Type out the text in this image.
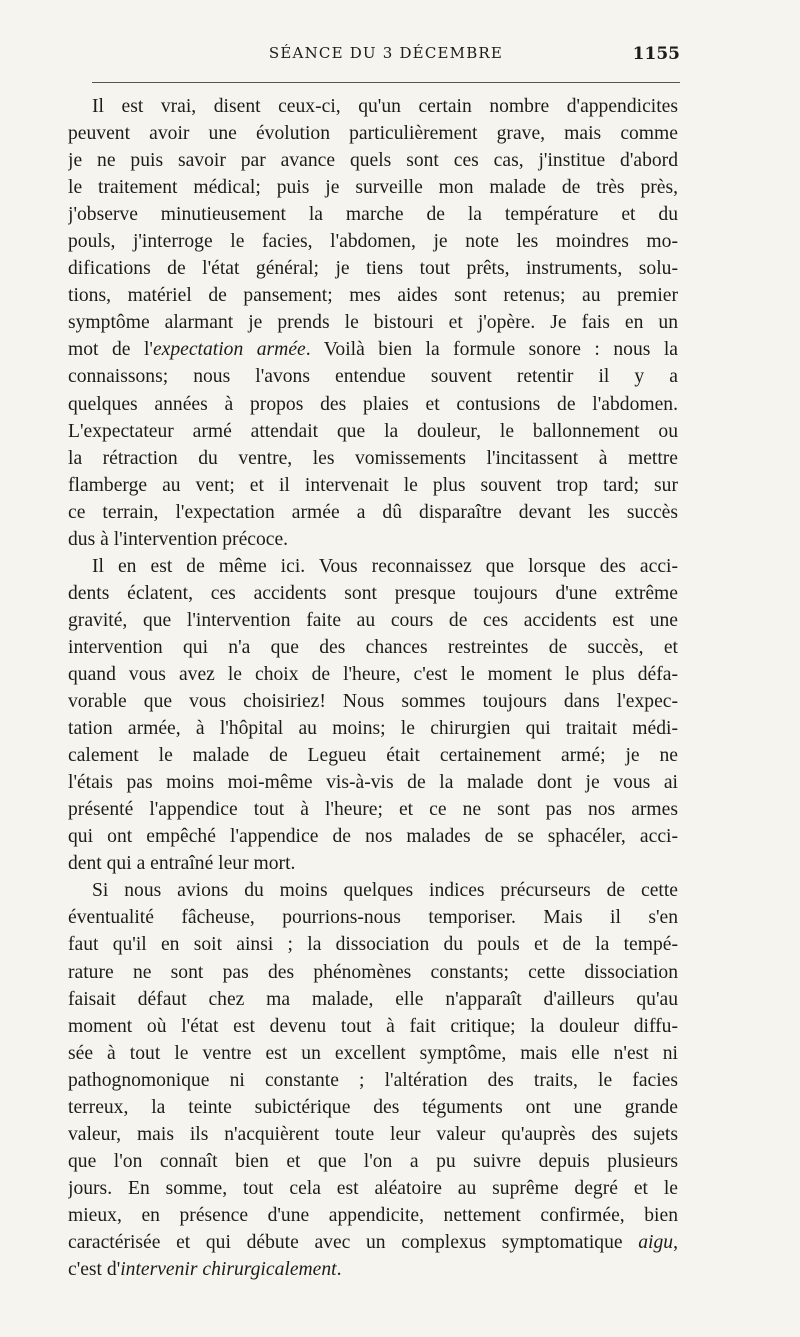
SÉANCE DU 3 DÉCEMBRE	1155
Il est vrai, disent ceux-ci, qu'un certain nombre d'appendicites
peuvent avoir une évolution particulièrement grave, mais comme
je ne puis savoir par avance quels sont ces cas, j'institue d'abord
le traitement médical; puis je surveille mon malade de très près,
j'observe minutieusement la marche de la température et du
pouls, j'interroge le facies, l'abdomen, je note les moindres mo-
difications de l'état général; je tiens tout prêts, instruments, solu-
tions, matériel de pansement; mes aides sont retenus; au premier
symptôme alarmant je prends le bistouri et j'opère. Je fais en un
mot de l'expectation armée. Voilà bien la formule sonore : nous la
connaissons; nous l'avons entendue souvent retentir il y a
quelques années à propos des plaies et contusions de l'abdomen.
L'expectateur armé attendait que la douleur, le ballonnement ou
la rétraction du ventre, les vomissements l'incitassent à mettre
flamberge au vent; et il intervenait le plus souvent trop tard; sur
ce terrain, l'expectation armée a dû disparaître devant les succès
dus à l'intervention précoce.
Il en est de même ici. Vous reconnaissez que lorsque des acci-
dents éclatent, ces accidents sont presque toujours d'une extrême
gravité, que l'intervention faite au cours de ces accidents est une
intervention qui n'a que des chances restreintes de succès, et
quand vous avez le choix de l'heure, c'est le moment le plus défa-
vorable que vous choisiriez! Nous sommes toujours dans l'expec-
tation armée, à l'hôpital au moins; le chirurgien qui traitait médi-
calement le malade de Legueu était certainement armé; je ne
l'étais pas moins moi-même vis-à-vis de la malade dont je vous ai
présenté l'appendice tout à l'heure; et ce ne sont pas nos armes
qui ont empêché l'appendice de nos malades de se sphacéler, acci-
dent qui a entraîné leur mort.
Si nous avions du moins quelques indices précurseurs de cette
éventualité fâcheuse, pourrions-nous temporiser. Mais il s'en
faut qu'il en soit ainsi ; la dissociation du pouls et de la tempé-
rature ne sont pas des phénomènes constants; cette dissociation
faisait défaut chez ma malade, elle n'apparaît d'ailleurs qu'au
moment où l'état est devenu tout à fait critique; la douleur diffu-
sée à tout le ventre est un excellent symptôme, mais elle n'est ni
pathognomonique ni constante ; l'altération des traits, le facies
terreux, la teinte subictérique des téguments ont une grande
valeur, mais ils n'acquièrent toute leur valeur qu'auprès des sujets
que l'on connaît bien et que l'on a pu suivre depuis plusieurs
jours. En somme, tout cela est aléatoire au suprême degré et le
mieux, en présence d'une appendicite, nettement confirmée, bien
caractérisée et qui débute avec un complexus symptomatique aigu,
c'est d'intervenir chirurgicalement.
